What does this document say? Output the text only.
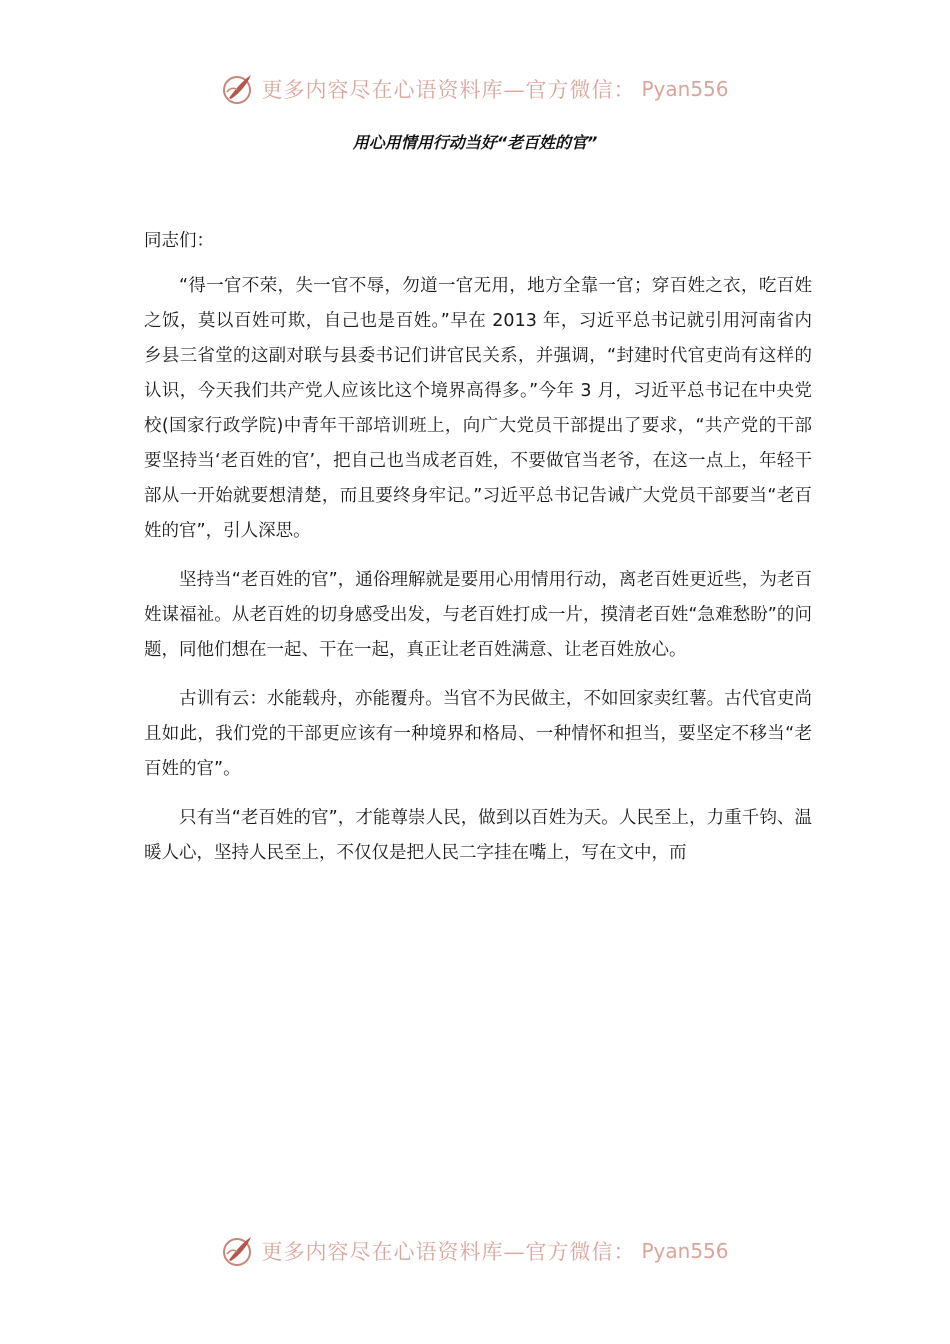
更多内容尽在心语资料库—官方微信： Pyan556
用心用情用行动当好“老百姓的官”

同志们：

“得一官不荣，失一官不辱，勿道一官无用，地方全靠一官；穿百姓之衣，吃百姓之饭，莫以百姓可欺，自己也是百姓。”早在 2013 年，习近平总书记就引用河南省内乡县三省堂的这副对联与县委书记们讲官民关系，并强调，“封建时代官吏尚有这样的认识，今天我们共产党人应该比这个境界高得多。”今年 3 月，习近平总书记在中央党校(国家行政学院)中青年干部培训班上，向广大党员干部提出了要求，“共产党的干部要坚持当‘老百姓的官’，把自己也当成老百姓，不要做官当老爷，在这一点上，年轻干部从一开始就要想清楚，而且要终身牢记。”习近平总书记告诫广大党员干部要当“老百姓的官”，引人深思。

坚持当“老百姓的官”，通俗理解就是要用心用情用行动，离老百姓更近些，为老百姓谋福祉。从老百姓的切身感受出发，与老百姓打成一片，摸清老百姓“急难愁盼”的问题，同他们想在一起、干在一起，真正让老百姓满意、让老百姓放心。

古训有云：水能载舟，亦能覆舟。当官不为民做主，不如回家卖红薯。古代官吏尚且如此，我们党的干部更应该有一种境界和格局、一种情怀和担当，要坚定不移当“老百姓的官”。

只有当“老百姓的官”，才能尊崇人民，做到以百姓为天。人民至上，力重千钧、温暖人心，坚持人民至上，不仅仅是把人民二字挂在嘴上，写在文中，而

更多内容尽在心语资料库—官方微信： Pyan556
